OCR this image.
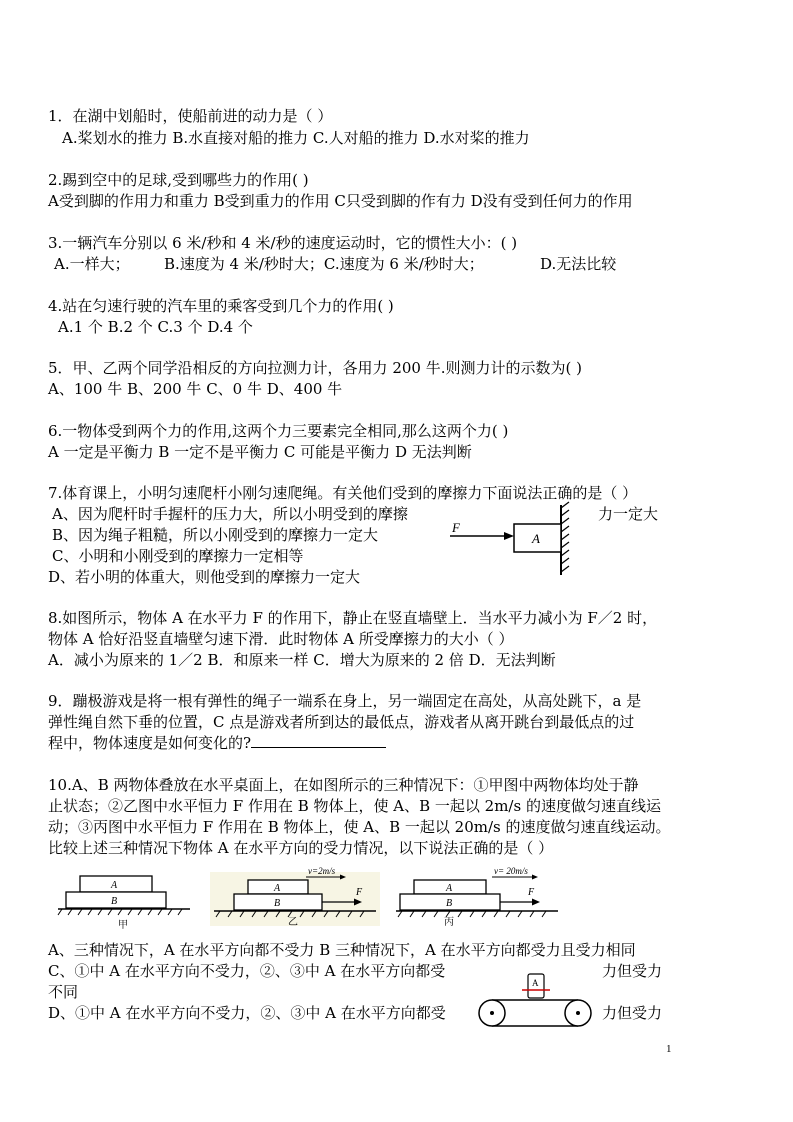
1．在湖中划船时，使船前进的动力是（ ）
A.桨划水的推力 B.水直接对船的推力 C.人对船的推力 D.水对桨的推力
2.踢到空中的足球,受到哪些力的作用( )
A受到脚的作用力和重力 B受到重力的作用 C只受到脚的作有力 D没有受到任何力的作用
3.一辆汽车分别以 6 米/秒和 4 米/秒的速度运动时，它的惯性大小：( )
A.一样大； B.速度为 4 米/秒时大；C.速度为 6 米/秒时大；	D.无法比较
4.站在匀速行驶的汽车里的乘客受到几个力的作用( )
A.1 个 B.2 个 C.3 个 D.4 个
5．甲、乙两个同学沿相反的方向拉测力计，各用力 200 牛.则测力计的示数为( )
A、100 牛 B、200 牛 C、0 牛 D、400 牛
6.一物体受到两个力的作用,这两个力三要素完全相同,那么这两个力( )
A 一定是平衡力 B 一定不是平衡力 C 可能是平衡力 D 无法判断
7.体育课上，小明匀速爬杆小刚匀速爬绳。有关他们受到的摩擦力下面说法正确的是（ ）
A、因为爬杆时手握杆的压力大，所以小明受到的摩擦	力一定大
B、因为绳子粗糙，所以小刚受到的摩擦力一定大
C、小明和小刚受到的摩擦力一定相等
D、若小明的体重大，则他受到的摩擦力一定大
A
F
8.如图所示，物体 A 在水平力 F 的作用下，静止在竖直墙壁上．当水平力减小为 F／2 时，
物体 A 恰好沿竖直墙壁匀速下滑．此时物体 A 所受摩擦力的大小（ ）
A．减小为原来的 1／2 B．和原来一样 C．增大为原来的 2 倍 D．无法判断
9．蹦极游戏是将一根有弹性的绳子一端系在身上，另一端固定在高处，从高处跳下，a 是
弹性绳自然下垂的位置，C 点是游戏者所到达的最低点，游戏者从离开跳台到最低点的过
程中，物体速度是如何变化的?
10.A、B 两物体叠放在水平桌面上，在如图所示的三种情况下：①甲图中两物体均处于静
止状态；②乙图中水平恒力 F 作用在 B 物体上，使 A、B 一起以 2m/s 的速度做匀速直线运
动；③丙图中水平恒力 F 作用在 B 物体上，使 A、B 一起以 20m/s 的速度做匀速直线运动。
比较上述三种情况下物体 A 在水平方向的受力情况，以下说法正确的是（ ）
A
B
甲
v=2m/s
A
B
F
乙
v= 20m/s
A
B
F
丙
A、三种情况下，A 在水平方向都不受力 B 三种情况下，A 在水平方向都受力且受力相同
C、①中 A 在水平方向不受力，②、③中 A 在水平方向都受	力但受力
不同
D、①中 A 在水平方向不受力，②、③中 A 在水平方向都受	力但受力
A
1
